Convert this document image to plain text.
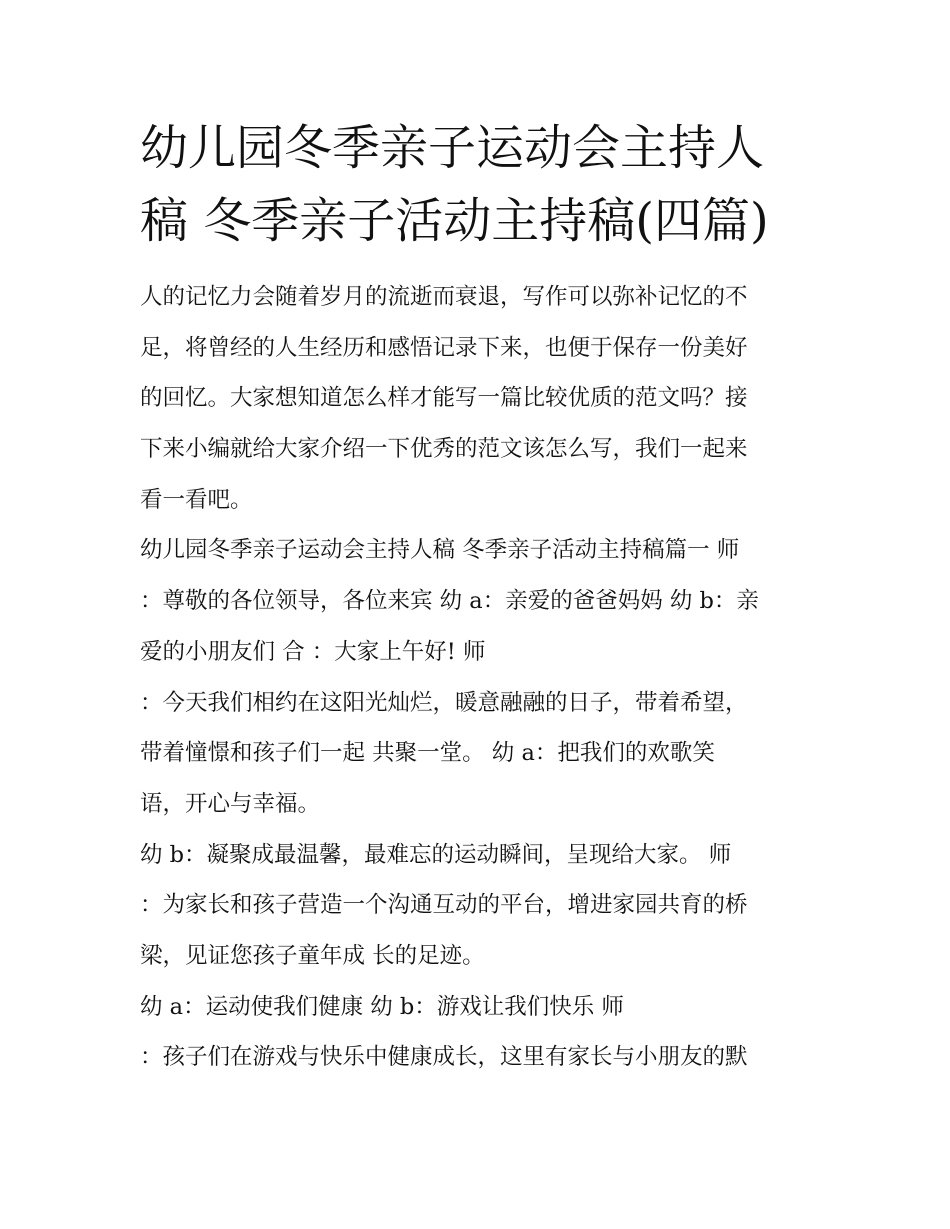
幼儿园冬季亲子运动会主持人
稿 冬季亲子活动主持稿(四篇)
人的记忆力会随着岁月的流逝而衰退，写作可以弥补记忆的不
足，将曾经的人生经历和感悟记录下来，也便于保存一份美好
的回忆。大家想知道怎么样才能写一篇比较优质的范文吗？接
下来小编就给大家介绍一下优秀的范文该怎么写，我们一起来
看一看吧。
幼儿园冬季亲子运动会主持人稿 冬季亲子活动主持稿篇一 师
：尊敬的各位领导，各位来宾 幼 a：亲爱的爸爸妈妈 幼 b：亲
爱的小朋友们 合 ：大家上午好! 师
：今天我们相约在这阳光灿烂，暖意融融的日子，带着希望，
带着憧憬和孩子们一起 共聚一堂。 幼 a：把我们的欢歌笑
语，开心与幸福。
幼 b：凝聚成最温馨，最难忘的运动瞬间，呈现给大家。 师
：为家长和孩子营造一个沟通互动的平台，增进家园共育的桥
梁，见证您孩子童年成 长的足迹。
幼 a：运动使我们健康 幼 b：游戏让我们快乐 师
：孩子们在游戏与快乐中健康成长，这里有家长与小朋友的默
